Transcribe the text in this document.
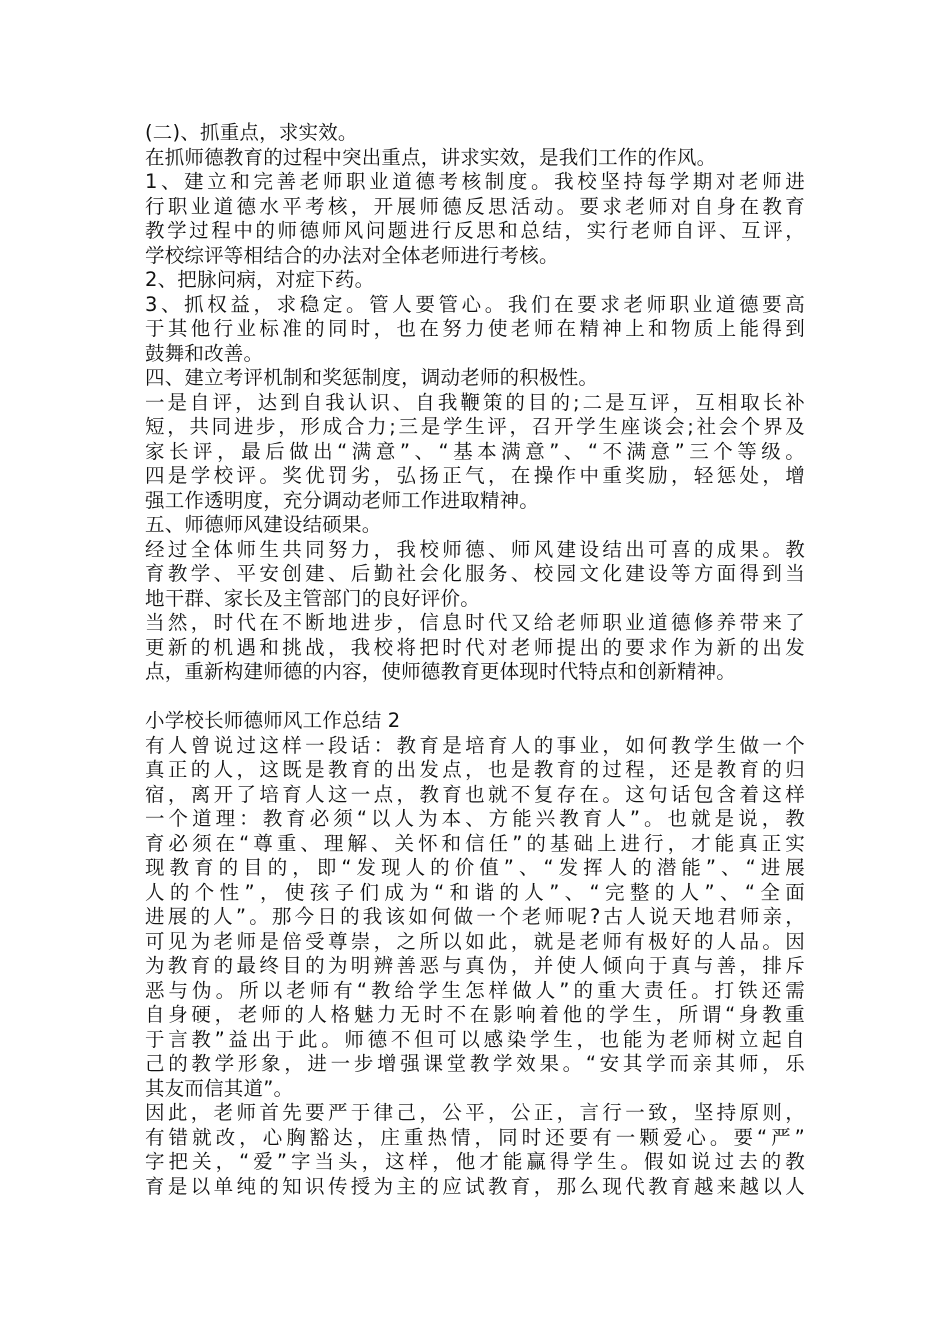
(二)、抓重点，求实效。
在抓师德教育的过程中突出重点，讲求实效，是我们工作的作风。
1、建立和完善老师职业道德考核制度。我校坚持每学期对老师进
行职业道德水平考核，开展师德反思活动。要求老师对自身在教育
教学过程中的师德师风问题进行反思和总结，实行老师自评、互评，
学校综评等相结合的办法对全体老师进行考核。
2、把脉问病，对症下药。
3、抓权益，求稳定。管人要管心。我们在要求老师职业道德要高
于其他行业标准的同时，也在努力使老师在精神上和物质上能得到
鼓舞和改善。
四、建立考评机制和奖惩制度，调动老师的积极性。
一是自评，达到自我认识、自我鞭策的目的;二是互评，互相取长补
短，共同进步，形成合力;三是学生评，召开学生座谈会;社会个界及
家长评，最后做出“满意”、“基本满意”、“不满意”三个等级。
四是学校评。奖优罚劣，弘扬正气，在操作中重奖励，轻惩处，增
强工作透明度，充分调动老师工作进取精神。
五、师德师风建设结硕果。
经过全体师生共同努力，我校师德、师风建设结出可喜的成果。教
育教学、平安创建、后勤社会化服务、校园文化建设等方面得到当
地干群、家长及主管部门的良好评价。
当然，时代在不断地进步，信息时代又给老师职业道德修养带来了
更新的机遇和挑战，我校将把时代对老师提出的要求作为新的出发
点，重新构建师德的内容，使师德教育更体现时代特点和创新精神。
小学校长师德师风工作总结 2
有人曾说过这样一段话：教育是培育人的事业，如何教学生做一个
真正的人，这既是教育的出发点，也是教育的过程，还是教育的归
宿，离开了培育人这一点，教育也就不复存在。这句话包含着这样
一个道理：教育必须“以人为本、方能兴教育人”。也就是说，教
育必须在“尊重、理解、关怀和信任”的基础上进行，才能真正实
现教育的目的，即“发现人的价值”、“发挥人的潜能”、“进展
人的个性”，使孩子们成为“和谐的人”、“完整的人”、“全面
进展的人”。那今日的我该如何做一个老师呢?古人说天地君师亲，
可见为老师是倍受尊崇，之所以如此，就是老师有极好的人品。因
为教育的最终目的为明辨善恶与真伪，并使人倾向于真与善，排斥
恶与伪。所以老师有“教给学生怎样做人”的重大责任。打铁还需
自身硬，老师的人格魅力无时不在影响着他的学生，所谓“身教重
于言教”益出于此。师德不但可以感染学生，也能为老师树立起自
己的教学形象，进一步增强课堂教学效果。“安其学而亲其师，乐
其友而信其道”。
因此，老师首先要严于律己，公平，公正，言行一致，坚持原则，
有错就改，心胸豁达，庄重热情，同时还要有一颗爱心。要“严”
字把关，“爱”字当头，这样，他才能赢得学生。假如说过去的教
育是以单纯的知识传授为主的应试教育，那么现代教育越来越以人
